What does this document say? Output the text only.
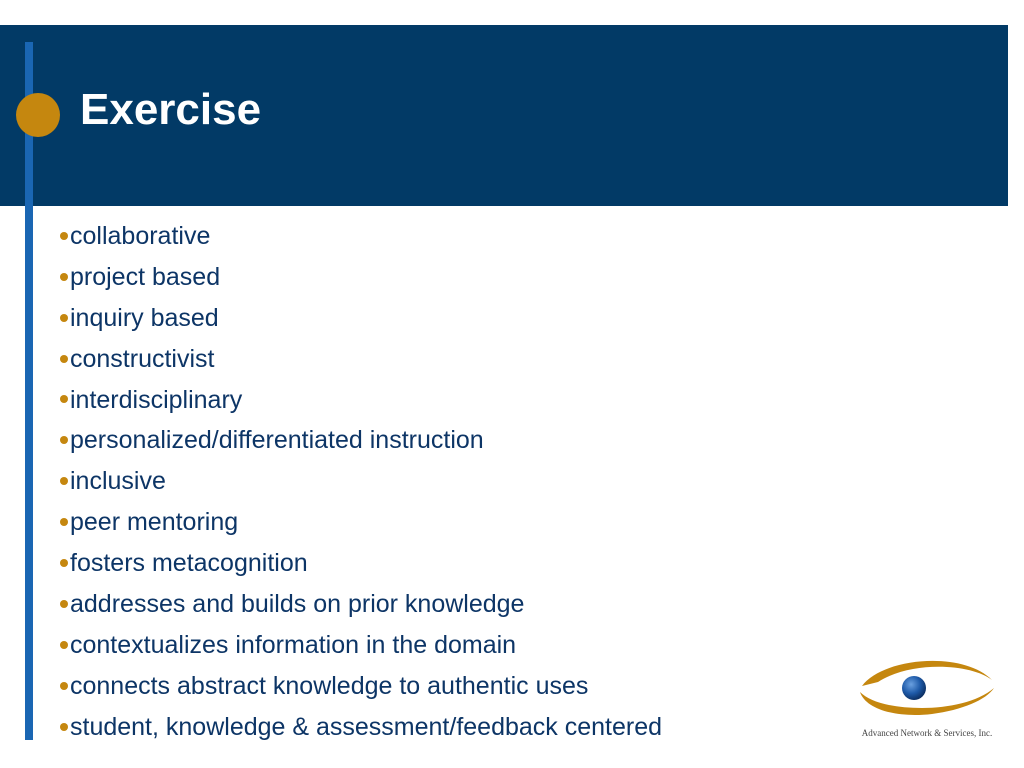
Exercise
collaborative
project based
inquiry based
constructivist
interdisciplinary
personalized/differentiated instruction
inclusive
peer mentoring
fosters metacognition
addresses and builds on prior knowledge
contextualizes information in the domain
connects abstract knowledge to authentic uses
student, knowledge & assessment/feedback centered	Advanced Network & Services, Inc.
